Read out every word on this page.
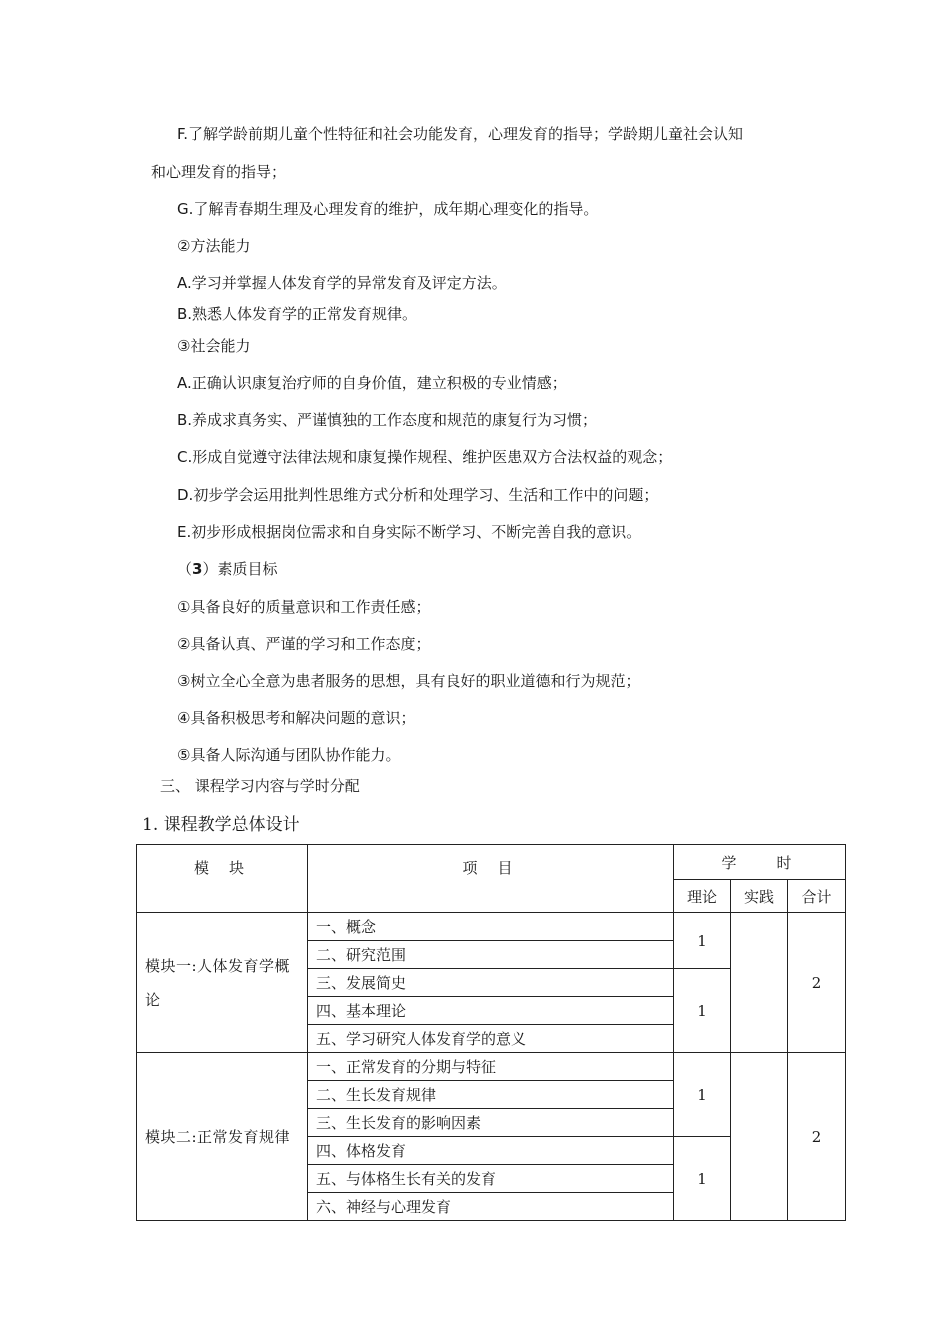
F.了解学龄前期儿童个性特征和社会功能发育，心理发育的指导；学龄期儿童社会认知
和心理发育的指导；
G.了解青春期生理及心理发育的维护，成年期心理变化的指导。
②方法能力
A.学习并掌握人体发育学的异常发育及评定方法。
B.熟悉人体发育学的正常发育规律。
③社会能力
A.正确认识康复治疗师的自身价值，建立积极的专业情感；
B.养成求真务实、严谨慎独的工作态度和规范的康复行为习惯；
C.形成自觉遵守法律法规和康复操作规程、维护医患双方合法权益的观念；
D.初步学会运用批判性思维方式分析和处理学习、生活和工作中的问题；
E.初步形成根据岗位需求和自身实际不断学习、不断完善自我的意识。
（3）素质目标
①具备良好的质量意识和工作责任感；
②具备认真、严谨的学习和工作态度；
③树立全心全意为患者服务的思想，具有良好的职业道德和行为规范；
④具备积极思考和解决问题的意识；
⑤具备人际沟通与团队协作能力。
三、 课程学习内容与学时分配
1. 课程教学总体设计
模块	项目	学时		
		理论	实践	合计
模块一:人体发育学概论	一、概念	1		2
	二、研究范围			
	三、发展简史	1		
	四、基本理论			
	五、学习研究人体发育学的意义			
模块二:正常发育规律	一、正常发育的分期与特征	1		2
	二、生长发育规律			
	三、生长发育的影响因素			
	四、体格发育	1		
	五、与体格生长有关的发育			
	六、神经与心理发育			
